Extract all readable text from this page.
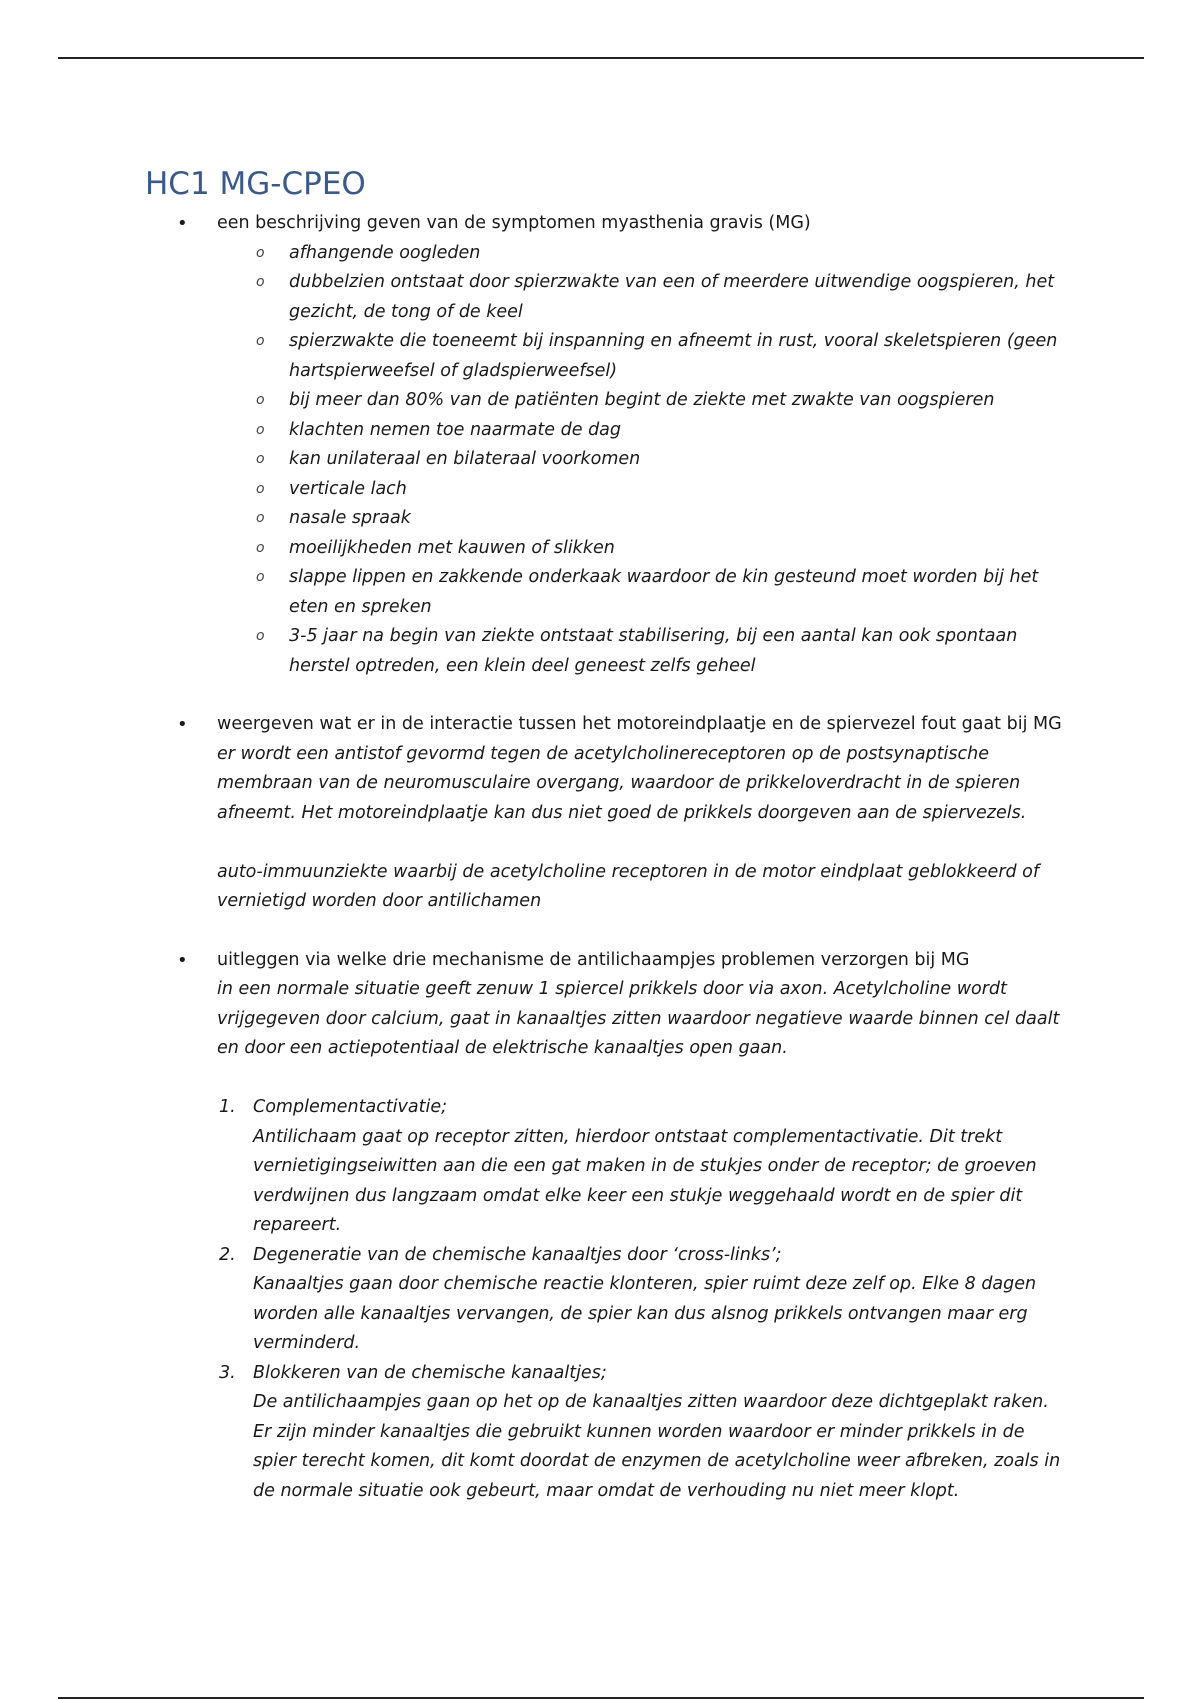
HC1 MG-CPEO
• een beschrijving geven van de symptomen myasthenia gravis (MG)
o afhangende oogleden
o dubbelzien ontstaat door spierzwakte van een of meerdere uitwendige oogspieren, het gezicht, de tong of de keel
o spierzwakte die toeneemt bij inspanning en afneemt in rust, vooral skeletspieren (geen hartspierweefsel of gladspierweefsel)
o bij meer dan 80% van de patiënten begint de ziekte met zwakte van oogspieren
o klachten nemen toe naarmate de dag
o kan unilateraal en bilateraal voorkomen
o verticale lach
o nasale spraak
o moeilijkheden met kauwen of slikken
o slappe lippen en zakkende onderkaak waardoor de kin gesteund moet worden bij het eten en spreken
o 3-5 jaar na begin van ziekte ontstaat stabilisering, bij een aantal kan ook spontaan herstel optreden, een klein deel geneest zelfs geheel
• weergeven wat er in de interactie tussen het motoreindplaatje en de spiervezel fout gaat bij MG
er wordt een antistof gevormd tegen de acetylcholinereceptoren op de postsynaptische membraan van de neuromusculaire overgang, waardoor de prikkeloverdracht in de spieren afneemt. Het motoreindplaatje kan dus niet goed de prikkels doorgeven aan de spiervezels.
auto-immuunziekte waarbij de acetylcholine receptoren in de motor eindplaat geblokkeerd of vernietigd worden door antilichamen
• uitleggen via welke drie mechanisme de antilichaampjes problemen verzorgen bij MG
in een normale situatie geeft zenuw 1 spiercel prikkels door via axon. Acetylcholine wordt vrijgegeven door calcium, gaat in kanaaltjes zitten waardoor negatieve waarde binnen cel daalt en door een actiepotentiaal de elektrische kanaaltjes open gaan.
1. Complementactivatie;
Antilichaam gaat op receptor zitten, hierdoor ontstaat complementactivatie. Dit trekt vernietigingseiwitten aan die een gat maken in de stukjes onder de receptor; de groeven verdwijnen dus langzaam omdat elke keer een stukje weggehaald wordt en de spier dit repareert.
2. Degeneratie van de chemische kanaaltjes door ‘cross-links’;
Kanaaltjes gaan door chemische reactie klonteren, spier ruimt deze zelf op. Elke 8 dagen worden alle kanaaltjes vervangen, de spier kan dus alsnog prikkels ontvangen maar erg verminderd.
3. Blokkeren van de chemische kanaaltjes;
De antilichaampjes gaan op het op de kanaaltjes zitten waardoor deze dichtgeplakt raken. Er zijn minder kanaaltjes die gebruikt kunnen worden waardoor er minder prikkels in de spier terecht komen, dit komt doordat de enzymen de acetylcholine weer afbreken, zoals in de normale situatie ook gebeurt, maar omdat de verhouding nu niet meer klopt.
